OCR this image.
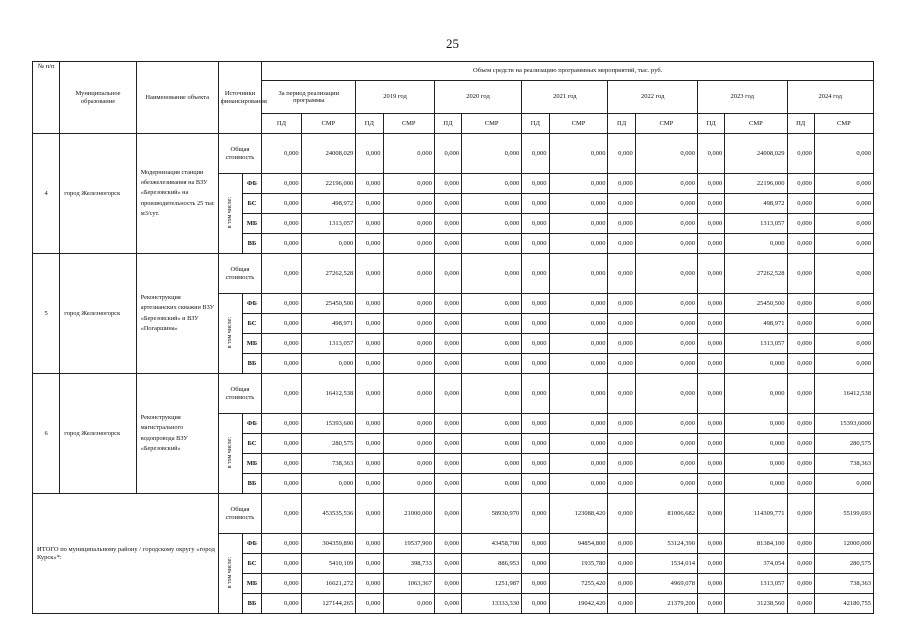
25
№ п/п	Муниципальное образование	Наименование объекта	Источники финансирования		Объем средств на реализацию программных мероприятий, тыс. руб.													
					За период реализации программы		2019 год		2020 год		2021 год		2022 год		2023 год		2024 год	
					ПД	СМР	ПД	СМР	ПД	СМР	ПД	СМР	ПД	СМР	ПД	СМР	ПД	СМР
4	город Железногорск	Модернизация станции обезжелезивания на ВЗУ «Березовский» на производительность 25 тыс м3/сут.	Общая стоимость		0,000	24008,029	0,000	0,000	0,000	0,000	0,000	0,000	0,000	0,000	0,000	24008,029	0,000	0,000
			в том числе:	ФБ	0,000	22196,000	0,000	0,000	0,000	0,000	0,000	0,000	0,000	0,000	0,000	22196,000	0,000	0,000
				БС	0,000	498,972	0,000	0,000	0,000	0,000	0,000	0,000	0,000	0,000	0,000	498,972	0,000	0,000
				МБ	0,000	1313,057	0,000	0,000	0,000	0,000	0,000	0,000	0,000	0,000	0,000	1313,057	0,000	0,000
				ВБ	0,000	0,000	0,000	0,000	0,000	0,000	0,000	0,000	0,000	0,000	0,000	0,000	0,000	0,000
5	город Железногорск	Реконструкция артезианских скважин ВЗУ «Березовский» и ВЗУ «Погаршина»	Общая стоимость		0,000	27262,528	0,000	0,000	0,000	0,000	0,000	0,000	0,000	0,000	0,000	27262,528	0,000	0,000
			в том числе:	ФБ	0,000	25450,500	0,000	0,000	0,000	0,000	0,000	0,000	0,000	0,000	0,000	25450,500	0,000	0,000
				БС	0,000	498,971	0,000	0,000	0,000	0,000	0,000	0,000	0,000	0,000	0,000	498,971	0,000	0,000
				МБ	0,000	1313,057	0,000	0,000	0,000	0,000	0,000	0,000	0,000	0,000	0,000	1313,057	0,000	0,000
				ВБ	0,000	0,000	0,000	0,000	0,000	0,000	0,000	0,000	0,000	0,000	0,000	0,000	0,000	0,000
6	город Железногорск	Реконструкция магистрального водопровода ВЗУ «Березовский»	Общая стоимость		0,000	16412,538	0,000	0,000	0,000	0,000	0,000	0,000	0,000	0,000	0,000	0,000	0,000	16412,538
			в том числе:	ФБ	0,000	15393,600	0,000	0,000	0,000	0,000	0,000	0,000	0,000	0,000	0,000	0,000	0,000	15393,6000
				БС	0,000	280,575	0,000	0,000	0,000	0,000	0,000	0,000	0,000	0,000	0,000	0,000	0,000	280,575
				МБ	0,000	738,363	0,000	0,000	0,000	0,000	0,000	0,000	0,000	0,000	0,000	0,000	0,000	738,363
				ВБ	0,000	0,000	0,000	0,000	0,000	0,000	0,000	0,000	0,000	0,000	0,000	0,000	0,000	0,000
ИТОГО по муниципальному району / городскому округу «город Курск»*:			Общая стоимость		0,000	453535,536	0,000	21000,000	0,000	58930,970	0,000	123088,420	0,000	81006,682	0,000	114309,771	0,000	55199,693
			в том числе:	ФБ	0,000	304359,890	0,000	19537,900	0,000	43458,700	0,000	94854,800	0,000	53124,390	0,000	81384,100	0,000	12000,000
				БС	0,000	5410,109	0,000	398,733	0,000	886,953	0,000	1935,780	0,000	1534,014	0,000	374,054	0,000	280,575
				МБ	0,000	16621,272	0,000	1063,367	0,000	1251,987	0,000	7255,420	0,000	4969,078	0,000	1313,057	0,000	738,363
				ВБ	0,000	127144,265	0,000	0,000	0,000	13333,330	0,000	19042,420	0,000	21379,200	0,000	31238,560	0,000	42180,755
